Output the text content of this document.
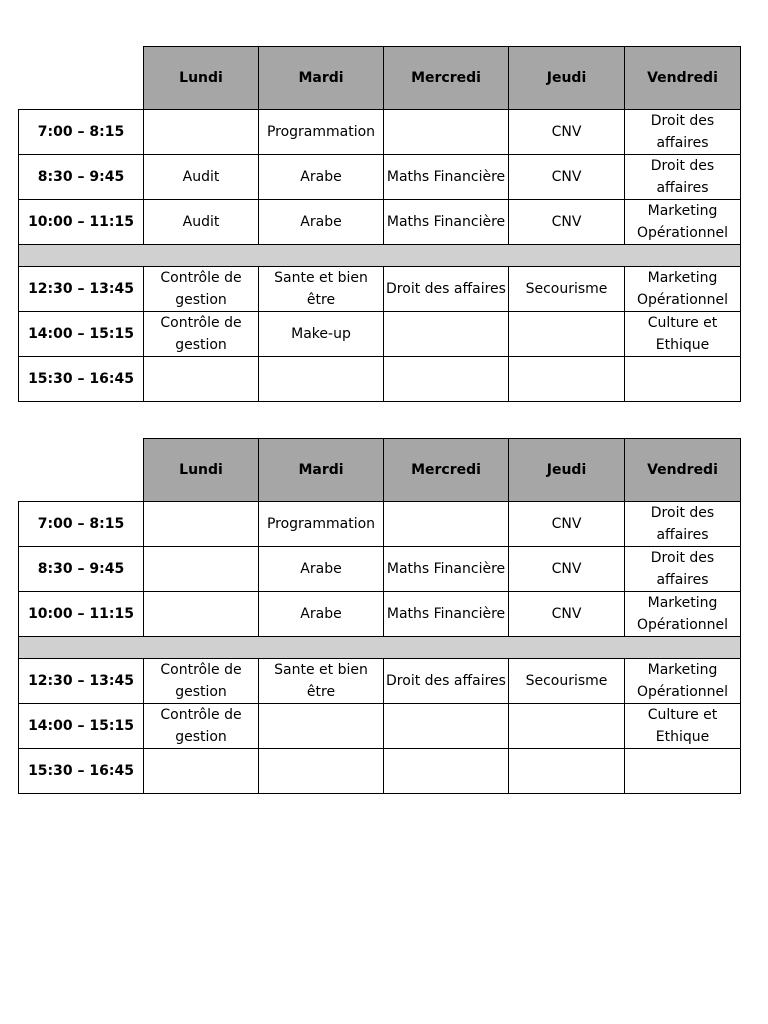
	Lundi	Mardi	Mercredi	Jeudi	Vendredi
7:00 – 8:15		Programmation		CNV	Droit des affaires
8:30 – 9:45	Audit	Arabe	Maths Financière	CNV	Droit des affaires
10:00 – 11:15	Audit	Arabe	Maths Financière	CNV	Marketing Opérationnel

12:30 – 13:45	Contrôle de gestion	Sante et bien être	Droit des affaires	Secourisme	Marketing Opérationnel
14:00 – 15:15	Contrôle de gestion	Make-up			Culture et Ethique
15:30 – 16:45					
	Lundi	Mardi	Mercredi	Jeudi	Vendredi
7:00 – 8:15		Programmation		CNV	Droit des affaires
8:30 – 9:45		Arabe	Maths Financière	CNV	Droit des affaires
10:00 – 11:15		Arabe	Maths Financière	CNV	Marketing Opérationnel

12:30 – 13:45	Contrôle de gestion	Sante et bien être	Droit des affaires	Secourisme	Marketing Opérationnel
14:00 – 15:15	Contrôle de gestion				Culture et Ethique
15:30 – 16:45					
